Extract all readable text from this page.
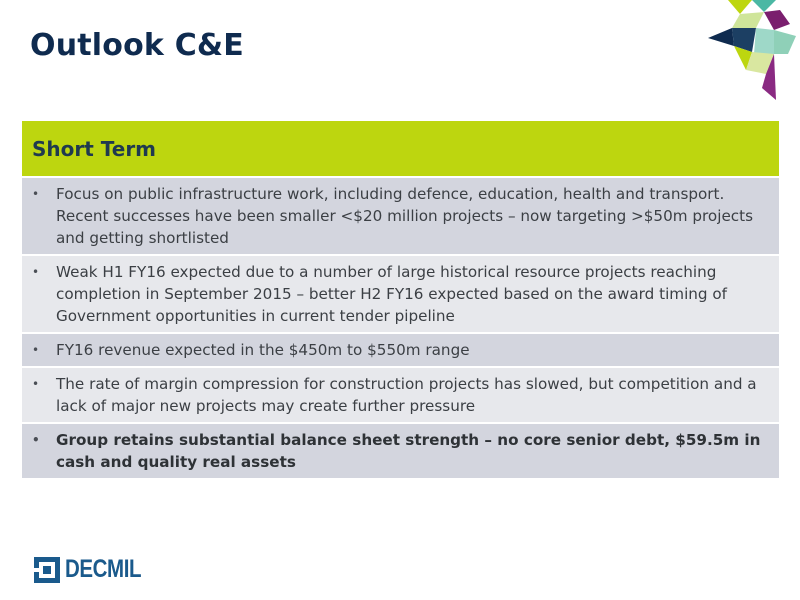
Outlook C&E
Short Term
• Focus on public infrastructure work, including defence, education, health and transport. Recent successes have been smaller <$20 million projects – now targeting >$50m projects and getting shortlisted
• Weak H1 FY16 expected due to a number of large historical resource projects reaching completion in September 2015 – better H2 FY16 expected based on the award timing of Government opportunities in current tender pipeline
• FY16 revenue expected in the $450m to $550m range
• The rate of margin compression for construction projects has slowed, but competition and a lack of major new projects may create further pressure
• Group retains substantial balance sheet strength – no core senior debt, $59.5m in cash and quality real assets
DECMIL
